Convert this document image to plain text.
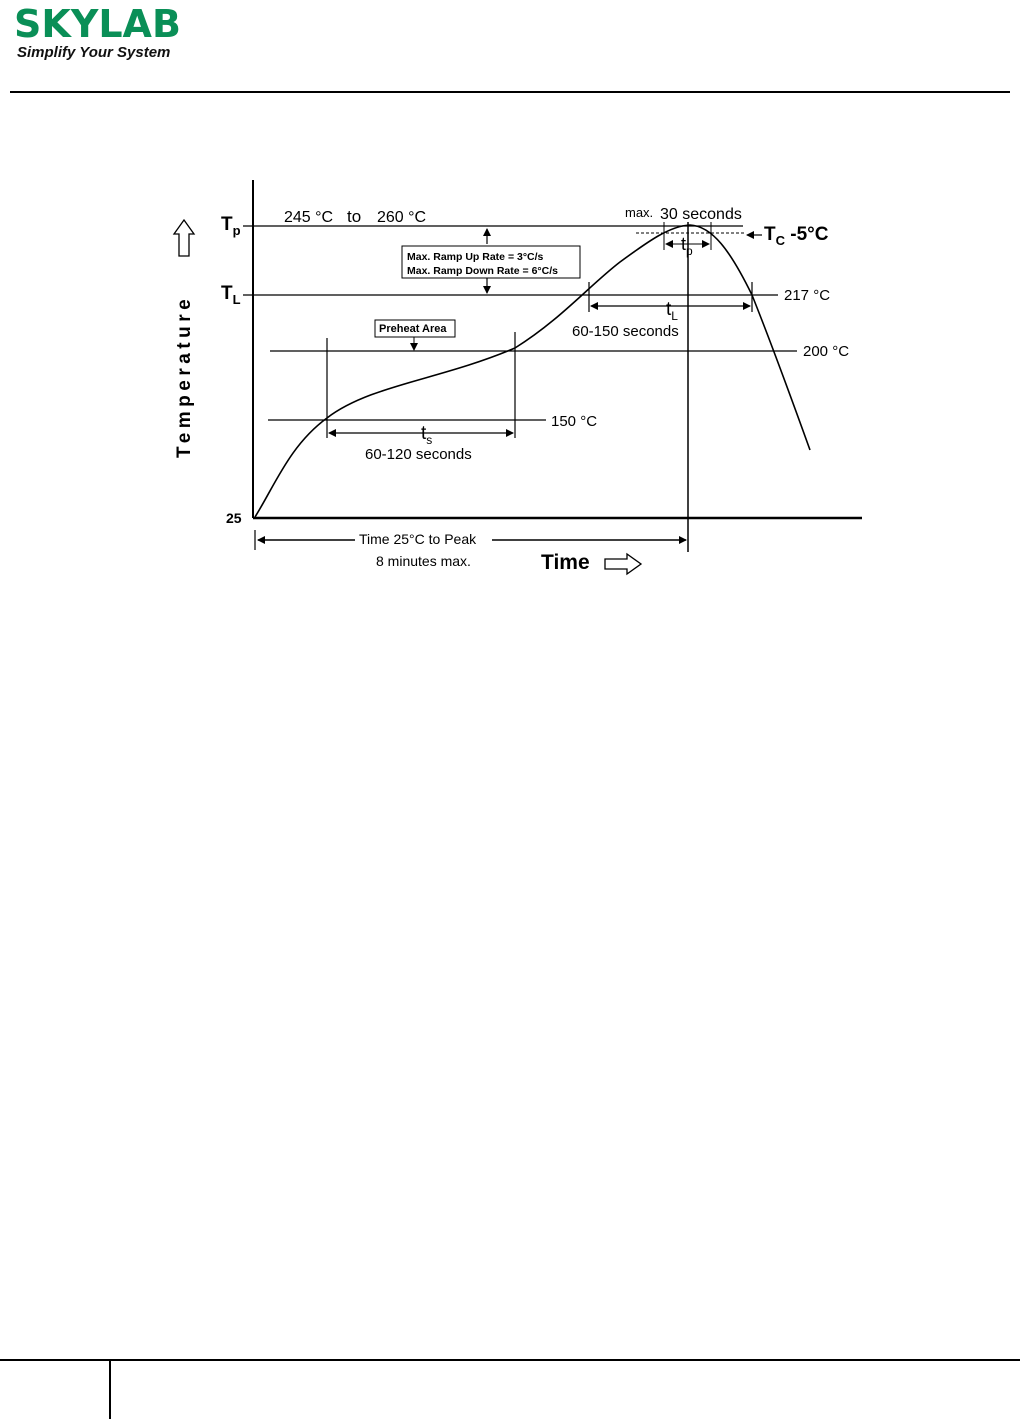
SKYLAB
Simplify Your System
Temperature
$T_p$
$T_L$
25
245 °C to 260 °C	max. 30 seconds
$T_C$ -5°C
$t_p$
Max. Ramp Up Rate = 3°C/s
Max. Ramp Down Rate = 6°C/s
Preheat Area
217 °C
200 °C
150 °C
$t_L$
60-150 seconds
$t_s$
60-120 seconds
Time 25°C to Peak
8 minutes max.	Time
